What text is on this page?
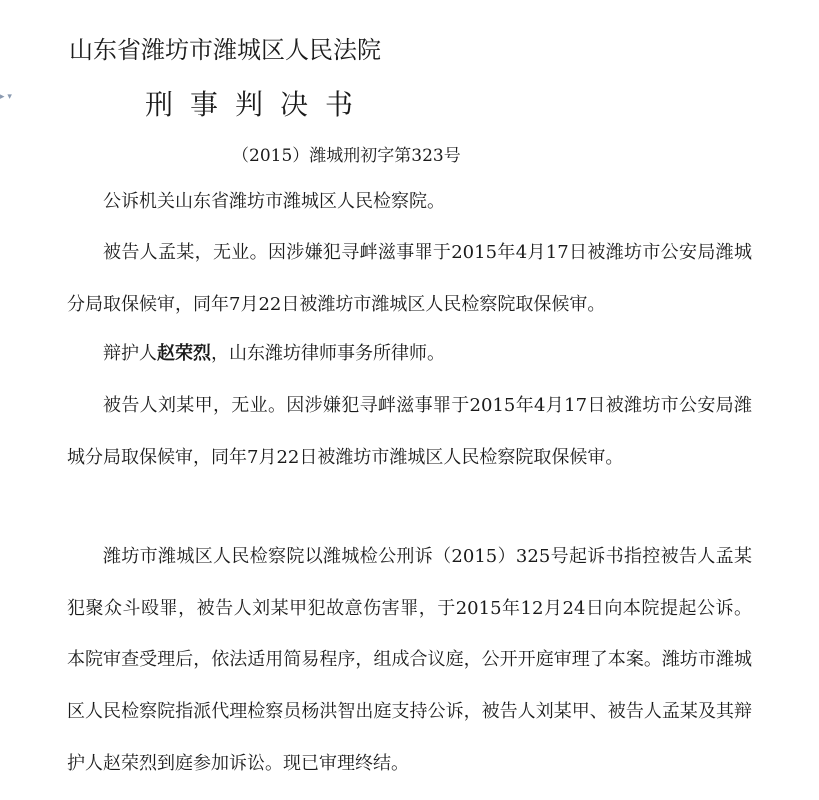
▸ ▾
山东省潍坊市潍城区人民法院
刑事判决书
（2015）潍城刑初字第323号
公诉机关山东省潍坊市潍城区人民检察院。
被告人孟某，无业。因涉嫌犯寻衅滋事罪于2015年4月17日被潍坊市公安局潍城分局取保候审，同年7月22日被潍坊市潍城区人民检察院取保候审。
辩护人赵荣烈，山东潍坊律师事务所律师。
被告人刘某甲，无业。因涉嫌犯寻衅滋事罪于2015年4月17日被潍坊市公安局潍城分局取保候审，同年7月22日被潍坊市潍城区人民检察院取保候审。
潍坊市潍城区人民检察院以潍城检公刑诉（2015）325号起诉书指控被告人孟某犯聚众斗殴罪，被告人刘某甲犯故意伤害罪，于2015年12月24日向本院提起公诉。本院审查受理后，依法适用简易程序，组成合议庭，公开开庭审理了本案。潍坊市潍城区人民检察院指派代理检察员杨洪智出庭支持公诉，被告人刘某甲、被告人孟某及其辩护人赵荣烈到庭参加诉讼。现已审理终结。
